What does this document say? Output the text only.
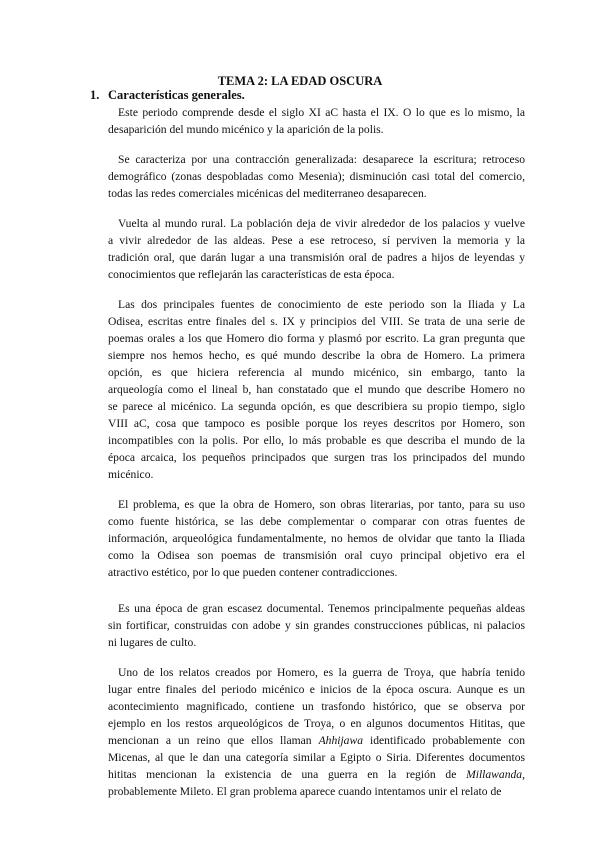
TEMA 2: LA EDAD OSCURA
1. Características generales.
Este periodo comprende desde el siglo XI aC hasta el IX. O lo que es lo mismo, la
desaparición del mundo micénico y la aparición de la polis.
Se caracteriza por una contracción generalizada: desaparece la escritura; retroceso
demográfico (zonas despobladas como Mesenia); disminución casi total del comercio,
todas las redes comerciales micénicas del mediterraneo desaparecen.
Vuelta al mundo rural. La población deja de vivir alrededor de los palacios y vuelve
a vivir alrededor de las aldeas. Pese a ese retroceso, sí perviven la memoria y la
tradición oral, que darán lugar a una transmisión oral de padres a hijos de leyendas y
conocimientos que reflejarán las características de esta época.
Las dos principales fuentes de conocimiento de este periodo son la Iliada y La
Odisea, escritas entre finales del s. IX y principios del VIII. Se trata de una serie de
poemas orales a los que Homero dio forma y plasmó por escrito. La gran pregunta que
siempre nos hemos hecho, es qué mundo describe la obra de Homero. La primera
opción, es que hiciera referencia al mundo micénico, sin embargo, tanto la
arqueología como el lineal b, han constatado que el mundo que describe Homero no
se parece al micénico. La segunda opción, es que describiera su propio tiempo, siglo
VIII aC, cosa que tampoco es posible porque los reyes descritos por Homero, son
incompatibles con la polis. Por ello, lo más probable es que describa el mundo de la
época arcaica, los pequeños principados que surgen tras los principados del mundo
micénico.
El problema, es que la obra de Homero, son obras literarias, por tanto, para su uso
como fuente histórica, se las debe complementar o comparar con otras fuentes de
información, arqueológica fundamentalmente, no hemos de olvidar que tanto la Iliada
como la Odisea son poemas de transmisión oral cuyo principal objetivo era el
atractivo estético, por lo que pueden contener contradicciones.
Es una época de gran escasez documental. Tenemos principalmente pequeñas aldeas
sin fortificar, construidas con adobe y sin grandes construcciones públicas, ni palacios
ni lugares de culto.
Uno de los relatos creados por Homero, es la guerra de Troya, que habría tenido
lugar entre finales del periodo micénico e inicios de la época oscura. Aunque es un
acontecimiento magnificado, contiene un trasfondo histórico, que se observa por
ejemplo en los restos arqueológicos de Troya, o en algunos documentos Hititas, que
mencionan a un reino que ellos llaman Ahhijawa identificado probablemente con
Micenas, al que le dan una categoría similar a Egipto o Siria. Diferentes documentos
hititas mencionan la existencia de una guerra en la región de Millawanda,
probablemente Mileto. El gran problema aparece cuando intentamos unir el relato de
